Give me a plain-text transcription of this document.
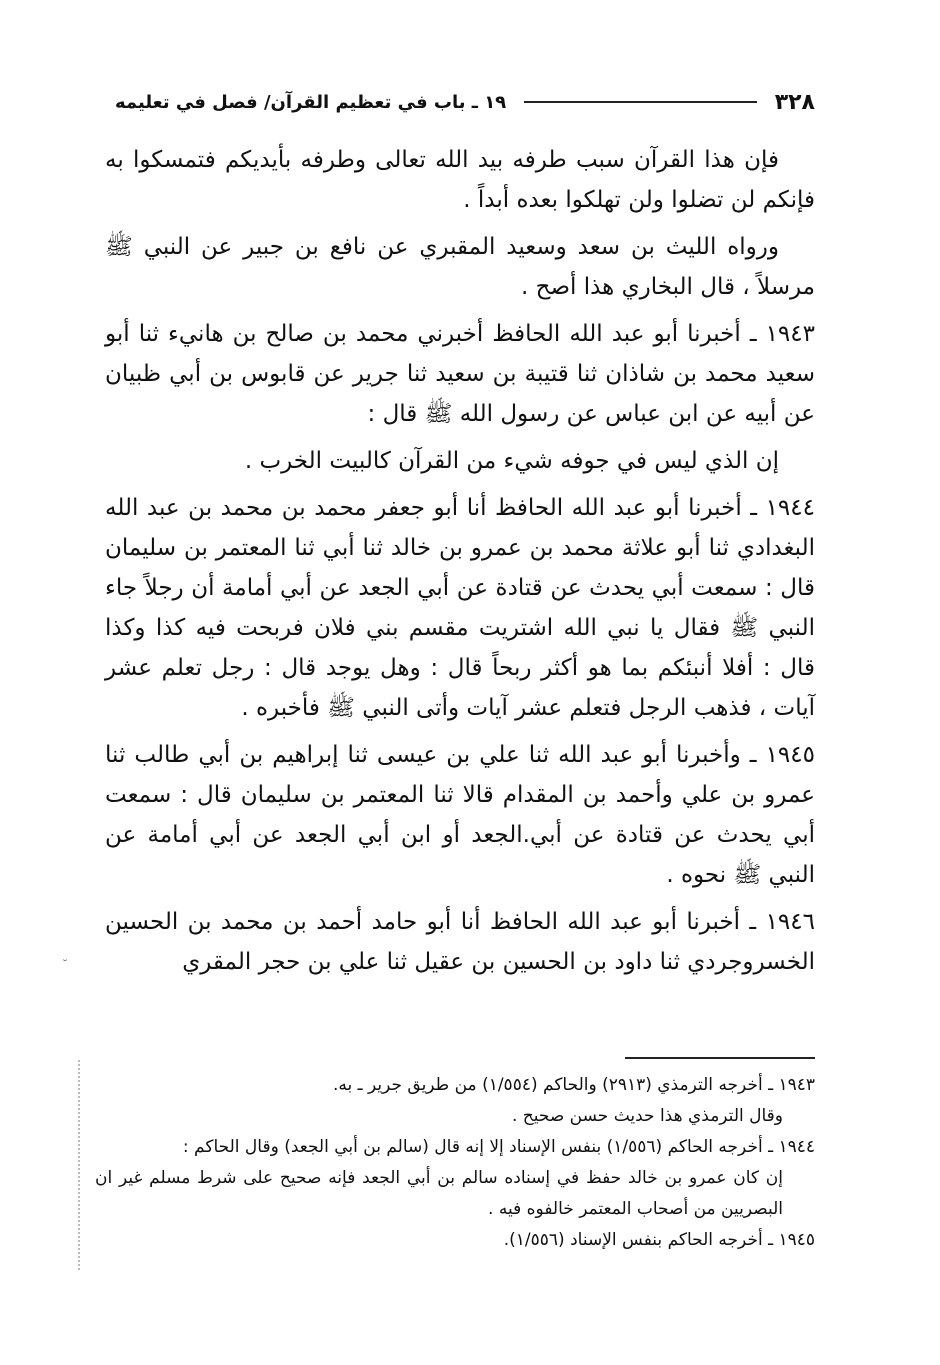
٣٢٨
١٩ ـ باب في تعظيم القرآن/ فصل في تعليمه

فإن هذا القرآن سبب طرفه بيد الله تعالى وطرفه بأيديكم فتمسكوا به فإنكم لن تضلوا ولن تهلكوا بعده أبداً .

ورواه الليث بن سعد وسعيد المقبري عن نافع بن جبير عن النبي ﷺ مرسلاً ، قال البخاري هذا أصح .

١٩٤٣ ـ أخبرنا أبو عبد الله الحافظ أخبرني محمد بن صالح بن هانيء ثنا أبو سعيد محمد بن شاذان ثنا قتيبة بن سعيد ثنا جرير عن قابوس بن أبي ظبيان عن أبيه عن ابن عباس عن رسول الله ﷺ قال :

إن الذي ليس في جوفه شيء من القرآن كالبيت الخرب .

١٩٤٤ ـ أخبرنا أبو عبد الله الحافظ أنا أبو جعفر محمد بن محمد بن عبد الله البغدادي ثنا أبو علاثة محمد بن عمرو بن خالد ثنا أبي ثنا المعتمر بن سليمان قال : سمعت أبي يحدث عن قتادة عن أبي الجعد عن أبي أمامة أن رجلاً جاء النبي ﷺ فقال يا نبي الله اشتريت مقسم بني فلان فربحت فيه كذا وكذا قال : أفلا أنبئكم بما هو أكثر ربحاً قال : وهل يوجد قال : رجل تعلم عشر آيات ، فذهب الرجل فتعلم عشر آيات وأتى النبي ﷺ فأخبره .

١٩٤٥ ـ وأخبرنا أبو عبد الله ثنا علي بن عيسى ثنا إبراهيم بن أبي طالب ثنا عمرو بن علي وأحمد بن المقدام قالا ثنا المعتمر بن سليمان قال : سمعت أبي يحدث عن قتادة عن أبي.الجعد أو ابن أبي الجعد عن أبي أمامة عن النبي ﷺ نحوه .

١٩٤٦ ـ أخبرنا أبو عبد الله الحافظ أنا أبو حامد أحمد بن محمد بن الحسين الخسروجردي ثنا داود بن الحسين بن عقيل ثنا علي بن حجر المقري

١٩٤٣ ـ أخرجه الترمذي (٢٩١٣) والحاكم (١/٥٥٤) من طريق جرير ـ به.

وقال الترمذي هذا حديث حسن صحيح .

١٩٤٤ ـ أخرجه الحاكم (١/٥٥٦) بنفس الإسناد إلا إنه قال (سالم بن أبي الجعد) وقال الحاكم :

إن كان عمرو بن خالد حفظ في إسناده سالم بن أبي الجعد فإنه صحيح على شرط مسلم غير ان البصريين من أصحاب المعتمر خالفوه فيه .

١٩٤٥ ـ أخرجه الحاكم بنفس الإسناد (١/٥٥٦).

˘
